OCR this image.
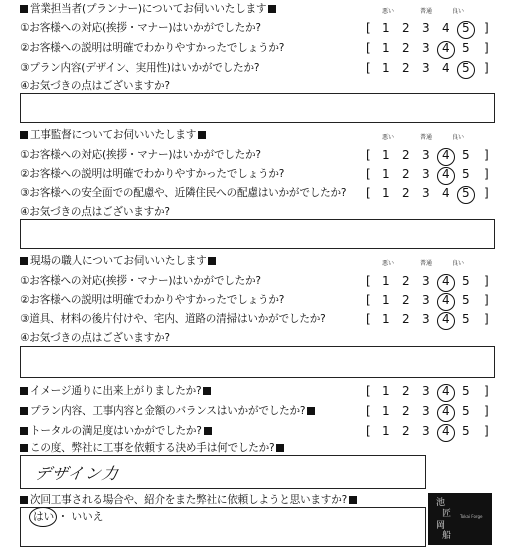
営業担当者(プランナー)についてお伺いいたします	悪い	普通	良い
①お客様への対応(挨拶・マナー)はいかがでしたか?	[ 1 2 3 4 5 ]
②お客様への説明は明確でわかりやすかったでしょうか?	[ 1 2 3 4 5 ]
③プラン内容(デザイン、実用性)はいかがでしたか?	[ 1 2 3 4 5 ]
④お気づきの点はございますか?
工事監督についてお伺いいたします	悪い	普通	良い
①お客様への対応(挨拶・マナー)はいかがでしたか?	[ 1 2 3 4 5 ]
②お客様への説明は明確でわかりやすかったでしょうか?	[ 1 2 3 4 5 ]
③お客様への安全面での配慮や、近隣住民への配慮はいかがでしたか? [ 1 2 3 4 5 ]
④お気づきの点はございますか?
現場の職人についてお伺いいたします	悪い	普通	良い
①お客様への対応(挨拶・マナー)はいかがでしたか?	[ 1 2 3 4 5 ]
②お客様への説明は明確でわかりやすかったでしょうか?	[ 1 2 3 4 5 ]
③道具、材料の後片付けや、宅内、道路の清掃はいかがでしたか?	[ 1 2 3 4 5 ]
④お気づきの点はございますか?
イメージ通りに出来上がりましたか?	[ 1 2 3 4 5 ]
プラン内容、工事内容と金額のバランスはいかがでしたか?	[ 1 2 3 4 5 ]
トータルの満足度はいかがでしたか?	[ 1 2 3 4 5 ]
この度、弊社に工事を依頼する決め手は何でしたか?
デザイン力
次回工事される場合や、紹介をまた弊社に依頼しようと思いますか?
はい ・ いいえ
池
匠
岡
船
Tokai Forge
